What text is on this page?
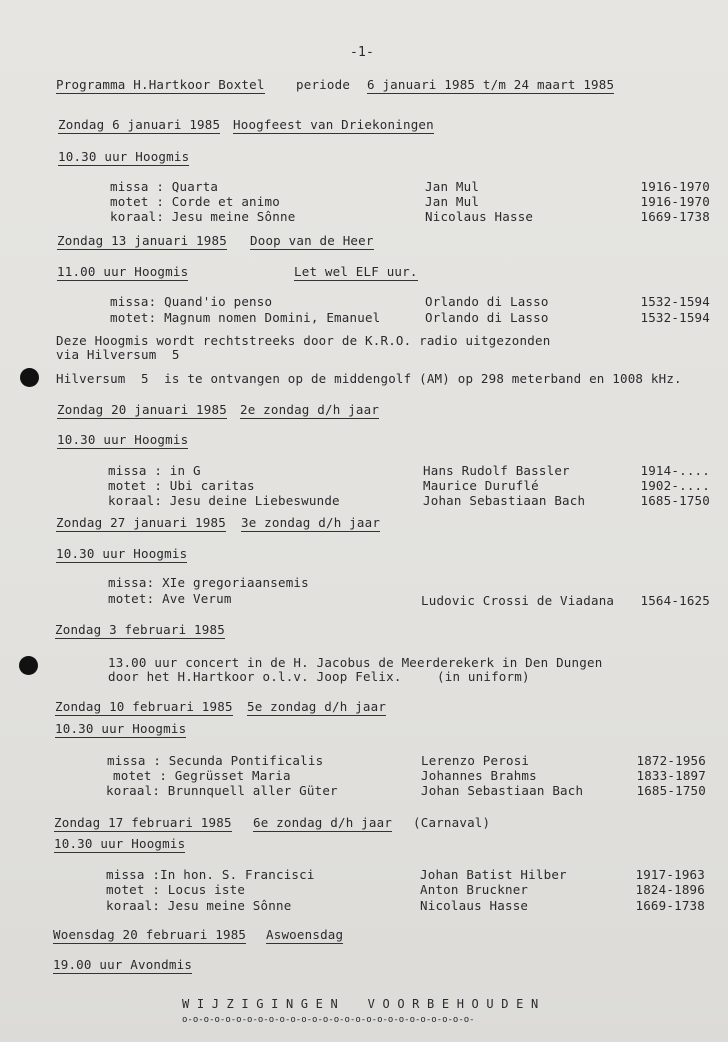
-1-
Programma H.Hartkoor Boxtel	periode 6 januari 1985 t/m 24 maart 1985
Zondag 6 januari 1985 Hoogfeest van Driekoningen
10.30 uur Hoogmis
missa : Quarta	Jan Mul	1916-1970
motet : Corde et animo	Jan Mul	1916-1970
koraal: Jesu meine Sônne	Nicolaus Hasse	1669-1738
Zondag 13 januari 1985 Doop van de Heer
11.00 uur Hoogmis	Let wel ELF uur.
missa: Quand'io penso	Orlando di Lasso	1532-1594
motet: Magnum nomen Domini, Emanuel	Orlando di Lasso	1532-1594
Deze Hoogmis wordt rechtstreeks door de K.R.O. radio uitgezonden
via Hilversum  5
Hilversum  5  is te ontvangen op de middengolf (AM) op 298 meterband en 1008 kHz.
Zondag 20 januari 1985 2e zondag d/h jaar
10.30 uur Hoogmis
missa : in G	Hans Rudolf Bassler	1914-....
motet : Ubi caritas	Maurice Duruflé	1902-....
koraal: Jesu deine Liebeswunde	Johan Sebastiaan Bach	1685-1750
Zondag 27 januari 1985 3e zondag d/h jaar
10.30 uur Hoogmis
missa: XIe gregoriaansemis
motet: Ave Verum	Ludovic Crossi de Viadana	1564-1625
Zondag 3 februari 1985
13.00 uur concert in de H. Jacobus de Meerderekerk in Den Dungen
door het H.Hartkoor o.l.v. Joop Felix.	(in uniform)
Zondag 10 februari 1985 5e zondag d/h jaar
10.30 uur Hoogmis
missa : Secunda Pontificalis	Lerenzo Perosi	1872-1956
motet : Gegrüsset Maria	Johannes Brahms	1833-1897
koraal: Brunnquell aller Güter	Johan Sebastiaan Bach	1685-1750
Zondag 17 februari 1985 6e zondag d/h jaar (Carnaval)
10.30 uur Hoogmis
missa :In hon. S. Francisci	Johan Batist Hilber	1917-1963
motet : Locus iste	Anton Bruckner	1824-1896
koraal: Jesu meine Sônne	Nicolaus Hasse	1669-1738
Woensdag 20 februari 1985 Aswoensdag
19.00 uur Avondmis
W I J Z I G I N G E N    V O O R B E H O U D E N
o-o-o-o-o-o-o-o-o-o-o-o-o-o-o-o-o-o-o-o-o-o-o-o-o-o-o-
